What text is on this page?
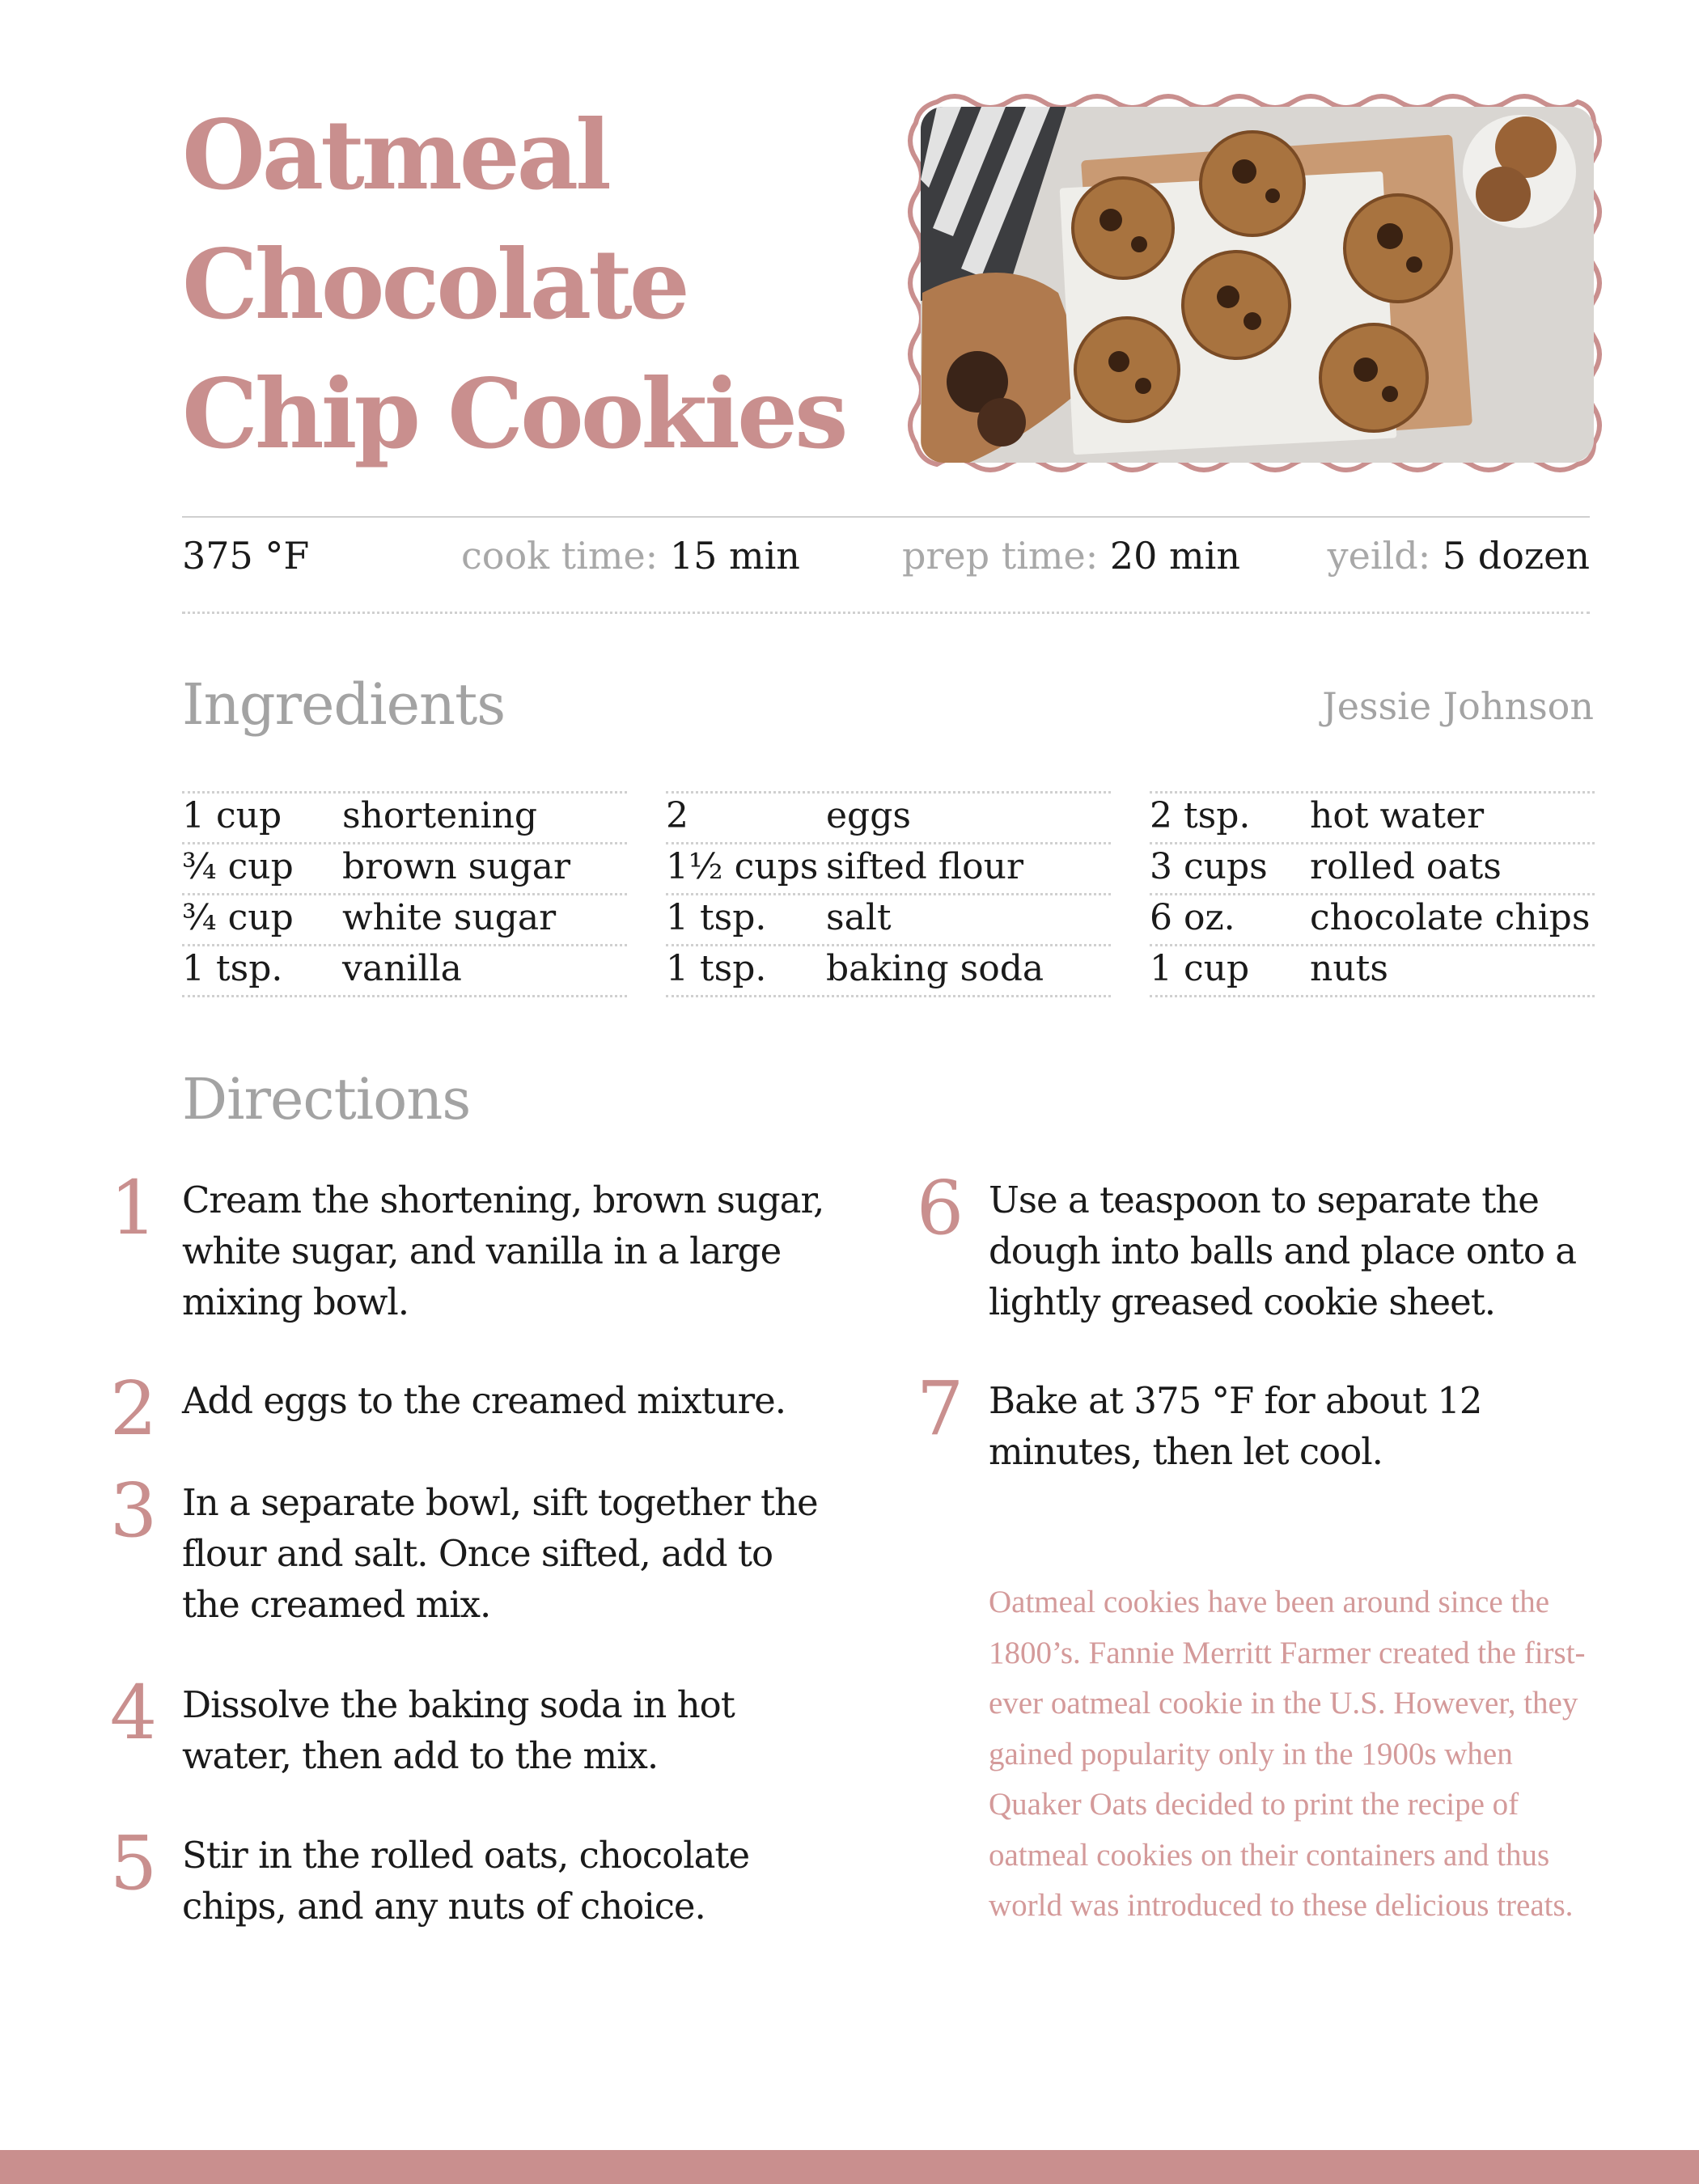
Oatmeal
Chocolate
Chip Cookies
375 °F	cook time: 15 min	prep time: 20 min yeild: 5 dozen
Ingredients	Jessie Johnson
1 cup shortening
¾ cup brown sugar
¾ cup white sugar
1 tsp. vanilla
2	eggs
1½ cups sifted flour
1 tsp. salt
1 tsp. baking soda
2 tsp. hot water
3 cups rolled oats
6 oz. chocolate chips
1 cup nuts
Directions
1 Cream the shortening, brown sugar, white sugar, and vanilla in a large mixing bowl.
2 Add eggs to the creamed mixture.
3 In a separate bowl, sift together the flour and salt. Once sifted, add to the creamed mix.
4 Dissolve the baking soda in hot water, then add to the mix.
5 Stir in the rolled oats, chocolate chips, and any nuts of choice.
6 Use a teaspoon to separate the dough into balls and place onto a lightly greased cookie sheet.
7 Bake at 375 °F for about 12 minutes, then let cool.

Oatmeal cookies have been around since the 1800’s. Fannie Merritt Farmer created the first-ever oatmeal cookie in the U.S. However, they gained popularity only in the 1900s when Quaker Oats decided to print the recipe of oatmeal cookies on their containers and thus world was introduced to these delicious treats.
